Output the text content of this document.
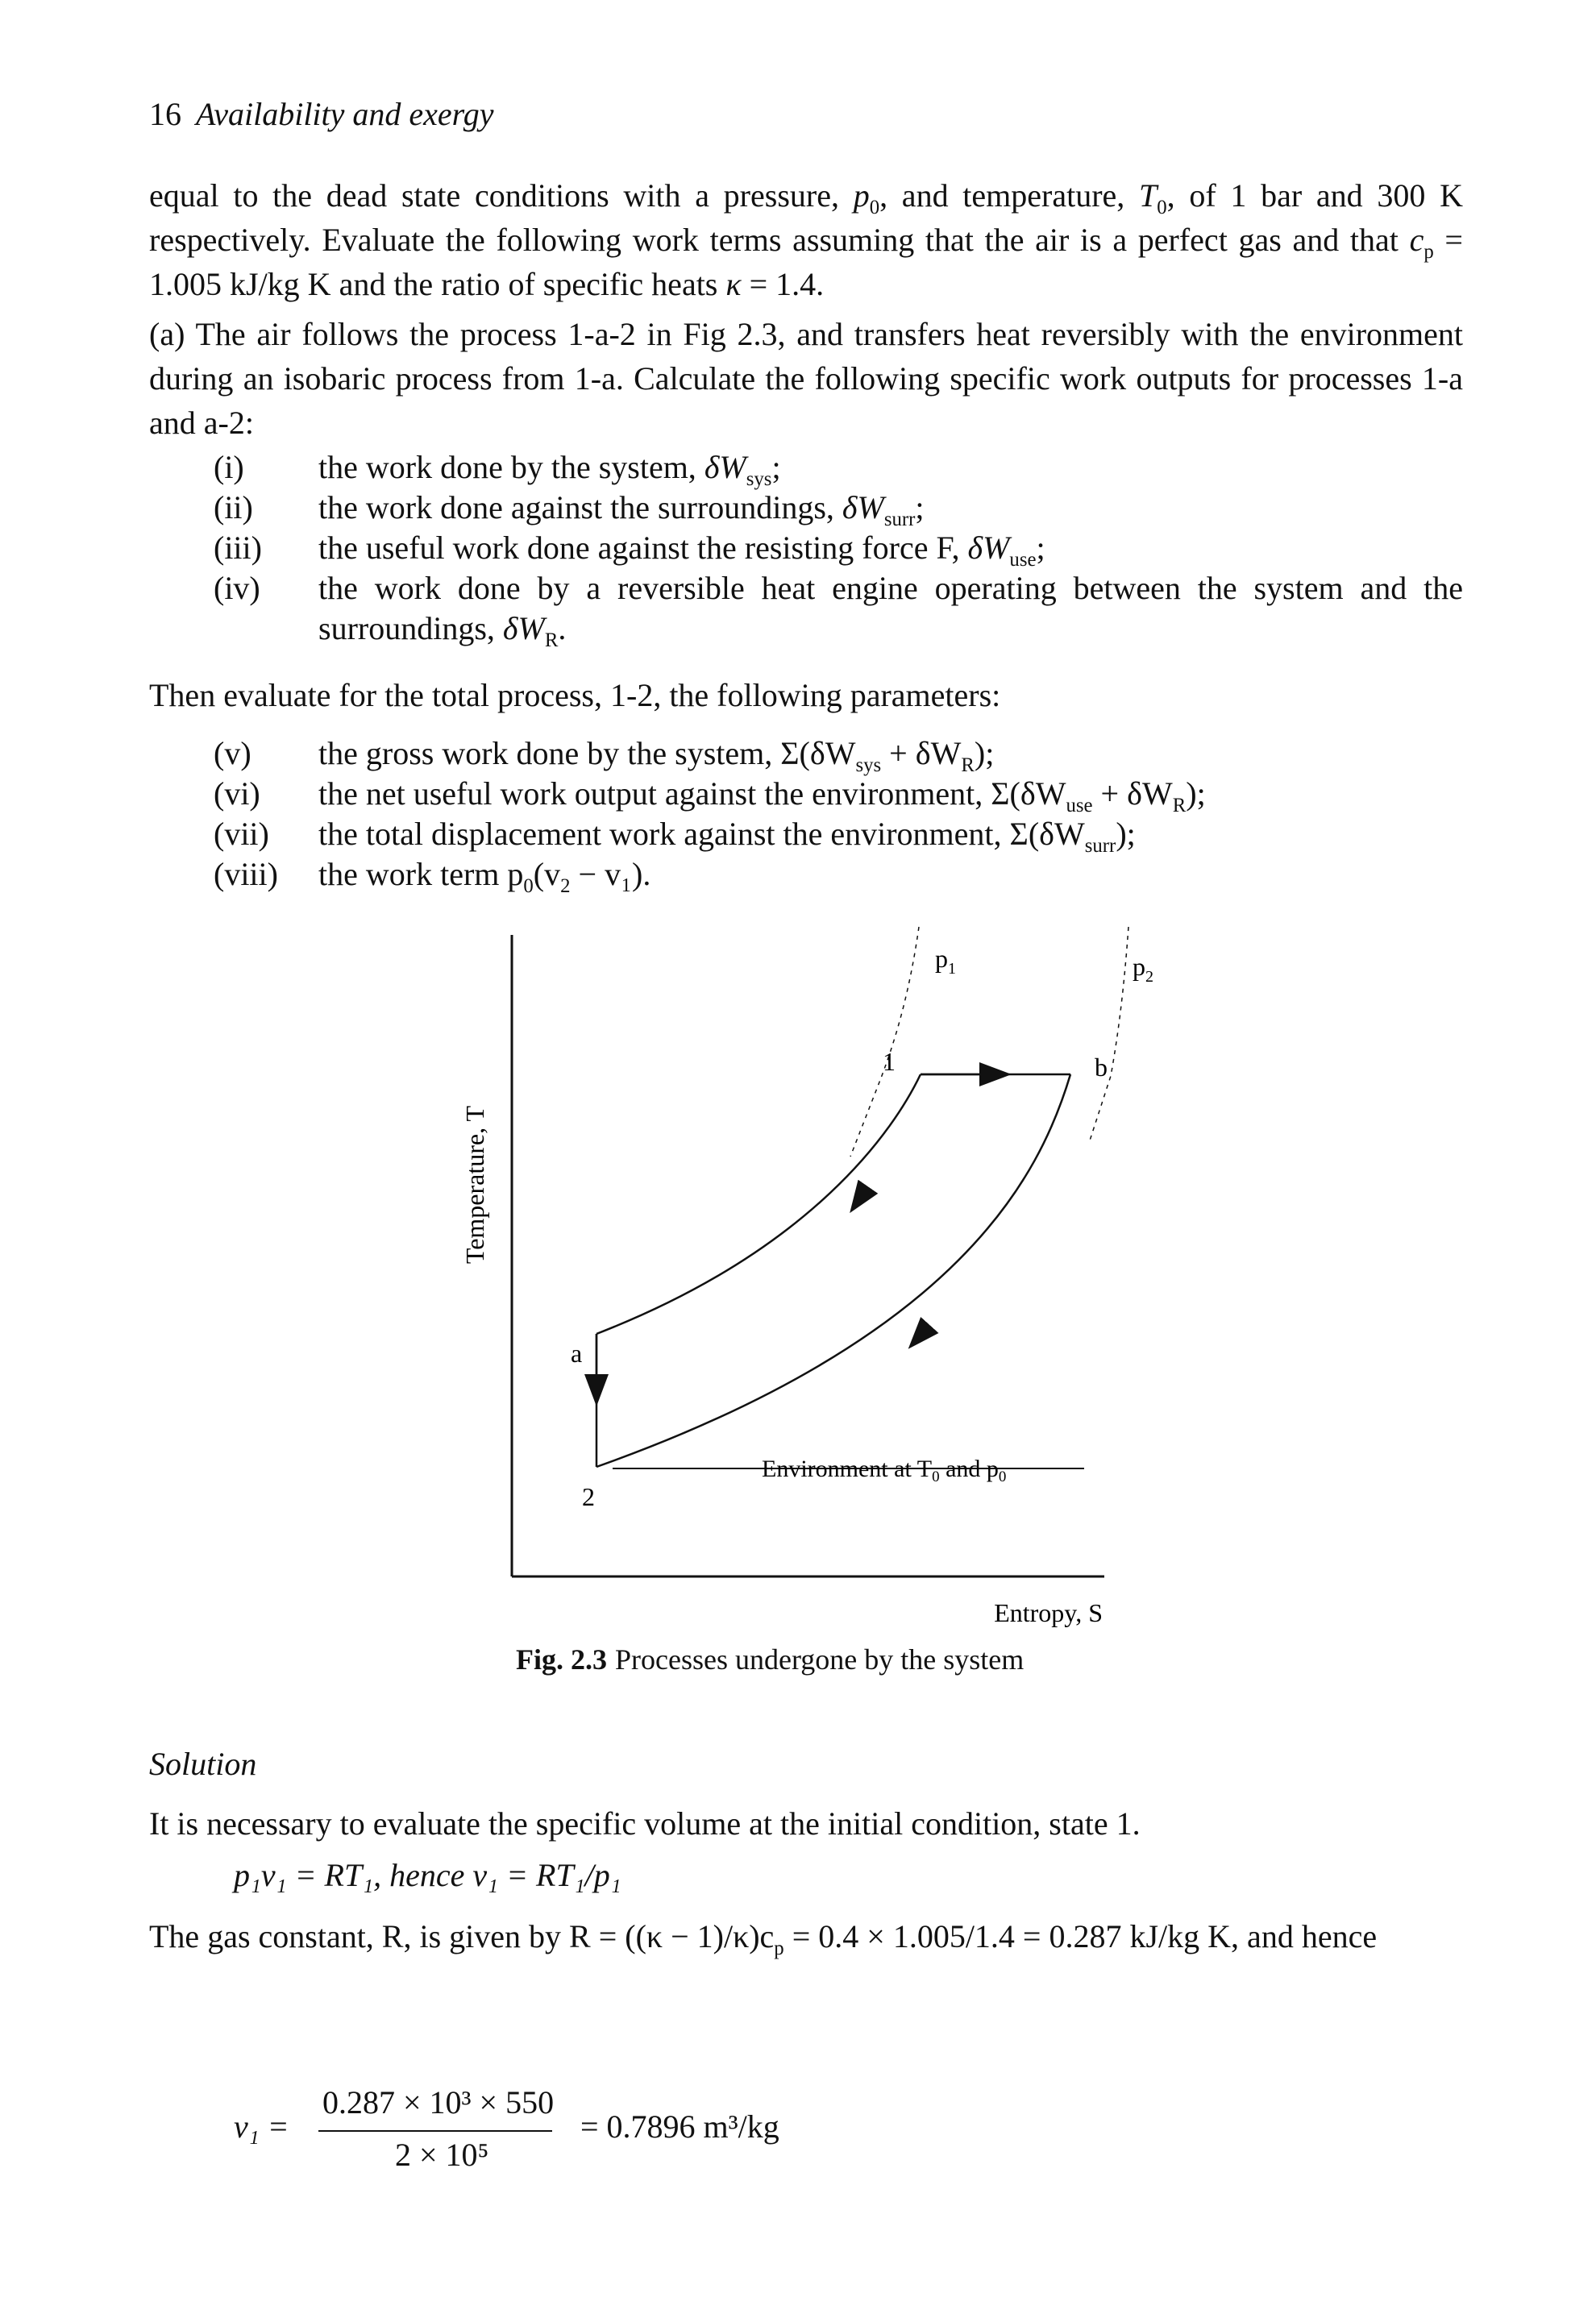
16 Availability and exergy
equal to the dead state conditions with a pressure, $p_0$, and temperature, $T_0$, of 1 bar and 300 K respectively. Evaluate the following work terms assuming that the air is a perfect gas and that $c_p = 1.005$ kJ/kg K and the ratio of specific heats κ = 1.4.
(a) The air follows the process 1-a-2 in Fig 2.3, and transfers heat reversibly with the environment during an isobaric process from 1-a. Calculate the following specific work outputs for processes 1-a and a-2:
(i) the work done by the system, $\delta W_{sys}$;
(ii) the work done against the surroundings, $\delta W_{surr}$;
(iii) the useful work done against the resisting force F, $\delta W_{use}$;
(iv) the work done by a reversible heat engine operating between the system and the surroundings, $\delta W_R$.
Then evaluate for the total process, 1-2, the following parameters:
(v) the gross work done by the system, $\Sigma(\delta W_{sys} + \delta W_R)$;
(vi) the net useful work output against the environment, $\Sigma(\delta W_{use} + \delta W_R)$;
(vii) the total displacement work against the environment, $\Sigma(\delta W_{surr})$;
(viii) the work term $p_0(v_2 - v_1)$.
Temperature, T
Entropy, S
$p_1$	$p_2$
1	b
a
2
Environment at $T_0$ and $p_0$
Fig. 2.3 Processes undergone by the system
Solution
It is necessary to evaluate the specific volume at the initial condition, state 1.
p₁v₁ = RT₁, hence v₁ = RT₁/p₁
The gas constant, R, is given by $R = ((\kappa - 1)/\kappa)c_p = 0.4 \times 1.005/1.4 = 0.287$ kJ/kg K, and hence
v₁ =
0.287 × 10³ × 550
2 × 10⁵
= 0.7896 m³/kg
